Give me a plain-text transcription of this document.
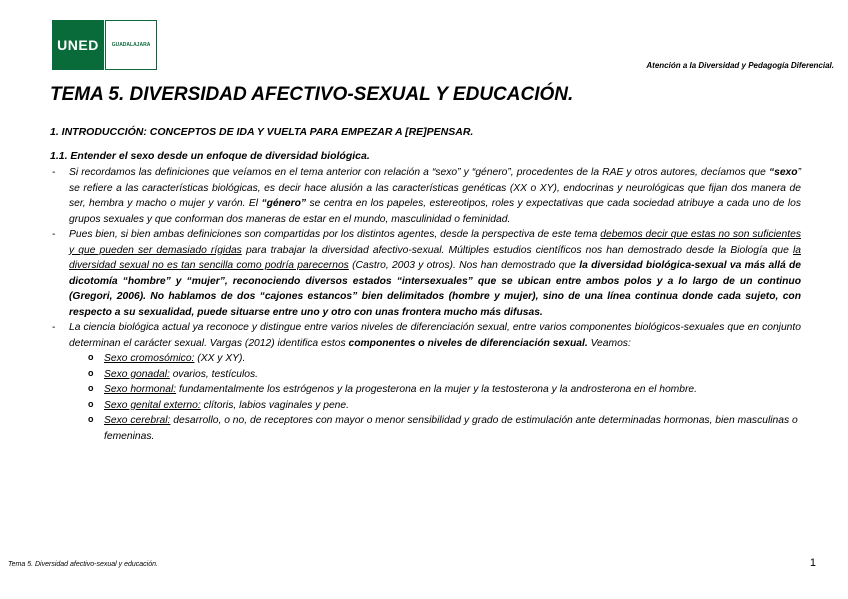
UNED	GUADALAJARA
Atención a la Diversidad y Pedagogía Diferencial.
TEMA 5. DIVERSIDAD AFECTIVO-SEXUAL Y EDUCACIÓN.
1. INTRODUCCIÓN: CONCEPTOS DE IDA Y VUELTA PARA EMPEZAR A [RE]PENSAR.
1.1. Entender el sexo desde un enfoque de diversidad biológica.

- Si recordamos las definiciones que veíamos en el tema anterior con relación a “sexo” y “género”, procedentes de la RAE y otros autores, decíamos que “sexo” se refiere a las características biológicas, es decir hace alusión a las características genéticas (XX o XY), endocrinas y neurológicas que fijan dos manera de ser, hembra y macho o mujer y varón. El “género” se centra en los papeles, estereotipos, roles y expectativas que cada sociedad atribuye a cada uno de los grupos sexuales y que conforman dos maneras de estar en el mundo, masculinidad o feminidad.

- Pues bien, si bien ambas definiciones son compartidas por los distintos agentes, desde la perspectiva de este tema debemos decir que estas no son suficientes y que pueden ser demasiado rígidas para trabajar la diversidad afectivo-sexual. Múltiples estudios científicos nos han demostrado desde la Biología que la diversidad sexual no es tan sencilla como podría parecernos (Castro, 2003 y otros). Nos han demostrado que la diversidad biológica-sexual va más allá de dicotomía “hombre” y “mujer”, reconociendo diversos estados “intersexuales” que se ubican entre ambos polos y a lo largo de un continuo (Gregori, 2006). No hablamos de dos “cajones estancos” bien delimitados (hombre y mujer), sino de una línea continua donde cada sujeto, con respecto a su sexualidad, puede situarse entre uno y otro con unas frontera mucho más difusas.

- La ciencia biológica actual ya reconoce y distingue entre varios niveles de diferenciación sexual, entre varios componentes biológicos-sexuales que en conjunto determinan el carácter sexual. Vargas (2012) identifica estos componentes o niveles de diferenciación sexual. Veamos:

o Sexo cromosómico: (XX y XY).
o Sexo gonadal: ovarios, testículos.
o Sexo hormonal: fundamentalmente los estrógenos y la progesterona en la mujer y la testosterona y la androsterona en el hombre.
o Sexo genital externo: clítoris, labios vaginales y pene.
o Sexo cerebral: desarrollo, o no, de receptores con mayor o menor sensibilidad y grado de estimulación ante determinadas hormonas, bien masculinas o femeninas.
Tema 5. Diversidad afectivo-sexual y educación.	1
